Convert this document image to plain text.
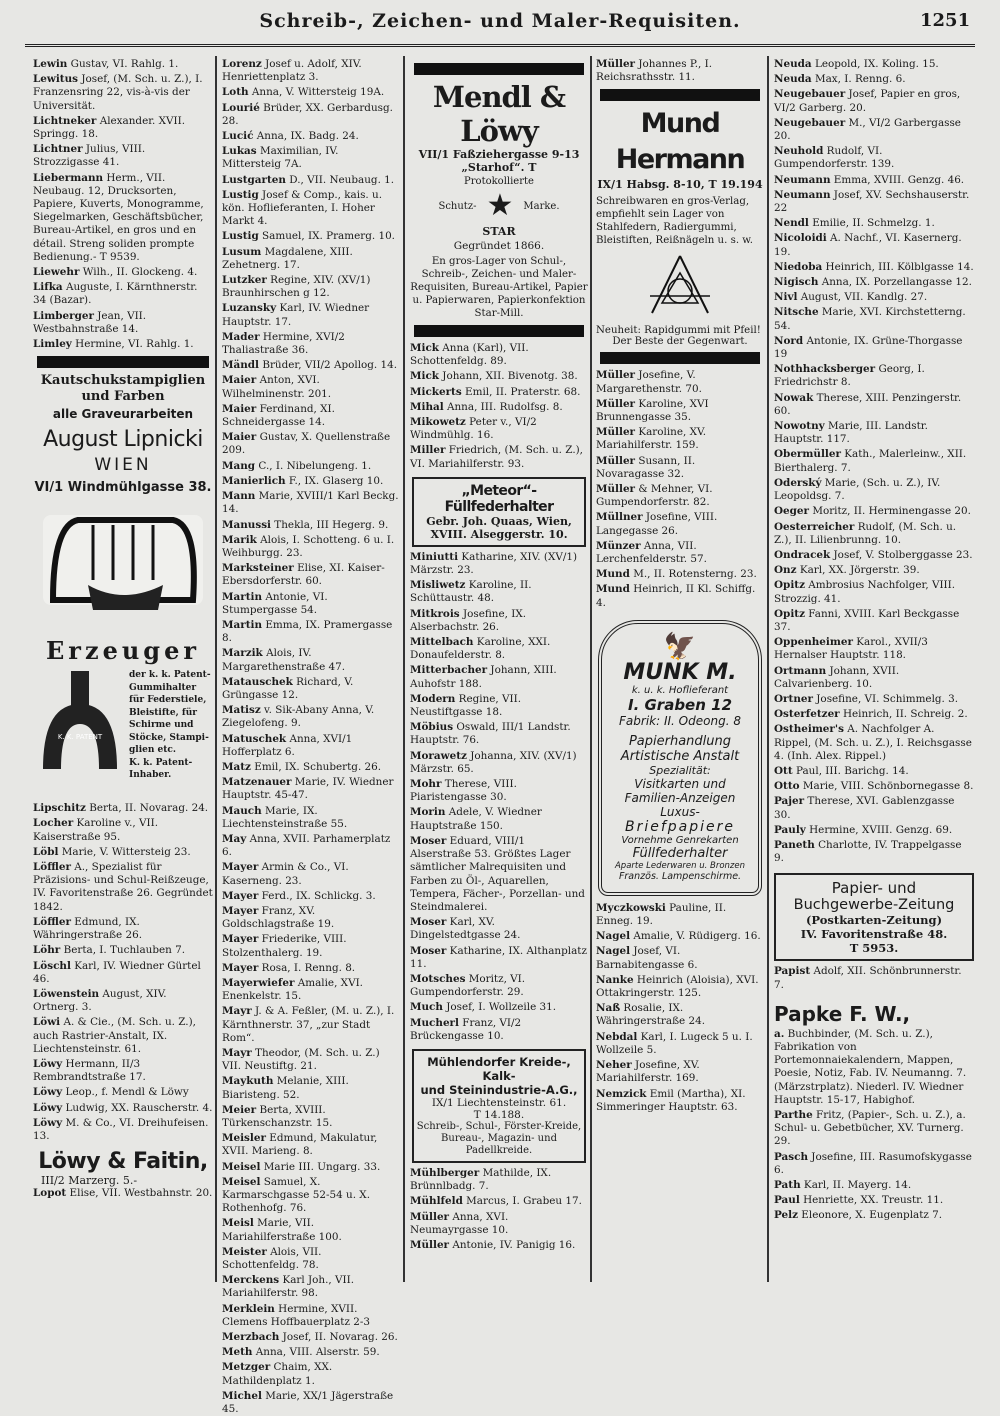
Schreib-, Zeichen- und Maler-Requisiten.	1251
Lewin Gustav, VI. Rahlg. 1.
Lewitus Josef, (M. Sch. u. Z.), I. Franzensring 22, vis-à-vis der Universität.
Lichtneker Alexander. XVII. Springg. 18.
Lichtner Julius, VIII. Strozzigasse 41.
Liebermann Herm., VII. Neubaug. 12, Drucksorten, Papiere, Kuverts, Monogramme, Siegelmarken, Geschäftsbücher, Bureau-Artikel, en gros und en détail. Streng soliden prompte Bedienung.- T 9539.
Liewehr Wilh., II. Glockeng. 4.
Lifka Auguste, I. Kärnthnerstr. 34 (Bazar).
Limberger Jean, VII. Westbahnstraße 14.
Limley Hermine, VI. Rahlg. 1.
Kautschukstampiglien und Farben
alle Graveurarbeiten
August Lipnicki
WIEN
VI/1 Windmühlgasse 38.
Erzeuger
K. K. PATENT
der k. k. Patent-
Gummihalter
für Federstiele,
Bleistifte, für
Schirme und
Stöcke, Stampi-
glien etc.
K. k. Patent-
Inhaber.
Lipschitz Berta, II. Novarag. 24.
Locher Karoline v., VII. Kaiserstraße 95.
Löbl Marie, V. Wittersteig 23.
Löffler A., Spezialist für Präzisions- und Schul-Reißzeuge, IV. Favoritenstraße 26. Gegründet 1842.
Löffler Edmund, IX. Währingerstraße 26.
Löhr Berta, I. Tuchlauben 7.
Löschl Karl, IV. Wiedner Gürtel 46.
Löwenstein August, XIV. Ortnerg. 3.
Löwi A. & Cie., (M. Sch. u. Z.), auch Rastrier-Anstalt, IX. Liechtensteinstr. 61.
Löwy Hermann, II/3 Rembrandtstraße 17.
Löwy Leop., f. Mendl & Löwy
Löwy Ludwig, XX. Rauscherstr. 4.
Löwy M. & Co., VI. Dreihufeisen. 13.
Löwy & Faitin,
III/2 Marzerg. 5.-
Lopot Elise, VII. Westbahnstr. 20.
Lorenz Josef u. Adolf, XIV. Henriettenplatz 3.
Loth Anna, V. Wittersteig 19A.
Lourié Brüder, XX. Gerbardusg. 28.
Lucić Anna, IX. Badg. 24.
Lukas Maximilian, IV. Mittersteig 7A.
Lustgarten D., VII. Neubaug. 1.
Lustig Josef & Comp., kais. u. kön. Hoflieferanten, I. Hoher Markt 4.
Lustig Samuel, IX. Pramerg. 10.
Lusum Magdalene, XIII. Zehetnerg. 17.
Lutzker Regine, XIV. (XV/1) Braunhirschen g 12.
Luzansky Karl, IV. Wiedner Hauptstr. 17.
Mader Hermine, XVI/2 Thaliastraße 36.
Mändl Brüder, VII/2 Apollog. 14.
Maier Anton, XVI. Wilhelminenstr. 201.
Maier Ferdinand, XI. Schneidergasse 14.
Maier Gustav, X. Quellenstraße 209.
Mang C., I. Nibelungeng. 1.
Manierlich F., IX. Glaserg 10.
Mann Marie, XVIII/1 Karl Beckg. 14.
Manussi Thekla, III Hegerg. 9.
Marik Alois, I. Schotteng. 6 u. I. Weihburgg. 23.
Marksteiner Elise, XI. Kaiser-Ebersdorferstr. 60.
Martin Antonie, VI. Stumpergasse 54.
Martin Emma, IX. Pramergasse 8.
Marzik Alois, IV. Margarethenstraße 47.
Matauschek Richard, V. Grüngasse 12.
Matisz v. Sik-Abany Anna, V. Ziegelofeng. 9.
Matuschek Anna, XVI/1 Hofferplatz 6.
Matz Emil, IX. Schubertg. 26.
Matzenauer Marie, IV. Wiedner Hauptstr. 45-47.
Mauch Marie, IX. Liechtensteinstraße 55.
May Anna, XVII. Parhamerplatz 6.
Mayer Armin & Co., VI. Kaserneng. 23.
Mayer Ferd., IX. Schlickg. 3.
Mayer Franz, XV. Goldschlagstraße 19.
Mayer Friederike, VIII. Stolzenthalerg. 19.
Mayer Rosa, I. Renng. 8.
Mayerwiefer Amalie, XVI. Enenkelstr. 15.
Mayr J. & A. Feßler, (M. u. Z.), I. Kärnthnerstr. 37, „zur Stadt Rom“.
Mayr Theodor, (M. Sch. u. Z.) VII. Neustiftg. 21.
Maykuth Melanie, XIII. Biaristeng. 52.
Meier Berta, XVIII. Türkenschanzstr. 15.
Meisler Edmund, Makulatur, XVII. Marieng. 8.
Meisel Marie III. Ungarg. 33.
Meisel Samuel, X. Karmarschgasse 52-54 u. X. Rothenhofg. 76.
Meisl Marie, VII. Mariahilferstraße 100.
Meister Alois, VII. Schottenfeldg. 78.
Merckens Karl Joh., VII. Mariahilferstr. 98.
Merklein Hermine, XVII. Clemens Hoffbauerplatz 2-3
Merzbach Josef, II. Novarag. 26.
Meth Anna, VIII. Alserstr. 59.
Metzger Chaim, XX. Mathildenplatz 1.
Michel Marie, XX/1 Jägerstraße 45.
Mendl & Löwy
VII/1 Faßziehergasse 9-13
„Starhof“. T
Protokollierte
Schutz- ★ Marke.
STAR
Gegründet 1866.
En gros-Lager von Schul-, Schreib-, Zeichen- und Maler-Requisiten, Bureau-Artikel, Papier u. Papierwaren, Papierkonfektion Star-Mill.
Mick Anna (Karl), VII. Schottenfeldg. 89.
Mick Johann, XII. Bivenotg. 38.
Mickerts Emil, II. Praterstr. 68.
Mihal Anna, III. Rudolfsg. 8.
Mikowetz Peter v., VI/2 Windmühlg. 16.
Miller Friedrich, (M. Sch. u. Z.), VI. Mariahilferstr. 93.
„Meteor“-Füllfederhalter
Gebr. Joh. Quaas, Wien,
XVIII. Alseggerstr. 10.
Miniutti Katharine, XIV. (XV/1) Märzstr. 23.
Misliwetz Karoline, II. Schüttaustr. 48.
Mitkrois Josefine, IX. Alserbachstr. 26.
Mittelbach Karoline, XXI. Donaufelderstr. 8.
Mitterbacher Johann, XIII. Auhofstr 188.
Modern Regine, VII. Neustiftgasse 18.
Möbius Oswald, III/1 Landstr. Hauptstr. 76.
Morawetz Johanna, XIV. (XV/1) Märzstr. 65.
Mohr Therese, VIII. Piaristengasse 30.
Morin Adele, V. Wiedner Hauptstraße 150.
Moser Eduard, VIII/1 Alserstraße 53. Größtes Lager sämtlicher Malrequisiten und Farben zu Öl-, Aquarellen, Tempera, Fächer-, Porzellan- und Steindmalerei.
Moser Karl, XV. Dingelstedtgasse 24.
Moser Katharine, IX. Althanplatz 11.
Motsches Moritz, VI. Gumpendorferstr. 29.
Much Josef, I. Wollzeile 31.
Mucherl Franz, VI/2 Brückengasse 10.
Mühlendorfer Kreide-, Kalk-
und Steinindustrie-A.G.,
IX/1 Liechtensteinstr. 61.
T 14.188.
Schreib-, Schul-, Förster-Kreide, Bureau-, Magazin- und Padellkreide.
Mühlberger Mathilde, IX. Brünnlbadg. 7.
Mühlfeld Marcus, I. Grabeu 17.
Müller Anna, XVI. Neumayrgasse 10.
Müller Antonie, IV. Panigig 16.
Müller Johannes P., I. Reichsrathsstr. 11.
Mund Hermann
IX/1 Habsg. 8-10, T 19.194
Schreibwaren en gros-Verlag, empfiehlt sein Lager von Stahlfedern, Radiergummi, Bleistiften, Reißnägeln u. s. w.
Neuheit: Rapidgummi mit Pfeil!
Der Beste der Gegenwart.
Müller Josefine, V. Margarethenstr. 70.
Müller Karoline, XVI Brunnengasse 35.
Müller Karoline, XV. Mariahilferstr. 159.
Müller Susann, II. Novaragasse 32.
Müller & Mehner, VI. Gumpendorferstr. 82.
Müllner Josefine, VIII. Langegasse 26.
Münzer Anna, VII. Lerchenfelderstr. 57.
Mund M., II. Rotensterng. 23.
Mund Heinrich, II Kl. Schiffg. 4.
🦅
MUNK M.
k. u. k. Hoflieferant
I. Graben 12
Fabrik: II. Odeong. 8
Papierhandlung
Artistische Anstalt
Spezialität:
Visitkarten und
Familien-Anzeigen
Luxus-
Briefpapiere
Vornehme Genrekarten
Füllfederhalter
Aparte Lederwaren u. Bronzen
Französ. Lampenschirme.
Myczkowski Pauline, II. Enneg. 19.
Nagel Amalie, V. Rüdigerg. 16.
Nagel Josef, VI. Barnabitengasse 6.
Nanke Heinrich (Aloisia), XVI. Ottakringerstr. 125.
Naß Rosalie, IX. Währingerstraße 24.
Nebdal Karl, I. Lugeck 5 u. I. Wollzeile 5.
Neher Josefine, XV. Mariahilferstr. 169.
Nemzick Emil (Martha), XI. Simmeringer Hauptstr. 63.
Neuda Leopold, IX. Koling. 15.
Neuda Max, I. Renng. 6.
Neugebauer Josef, Papier en gros, VI/2 Garberg. 20.
Neugebauer M., VI/2 Garbergasse 20.
Neuhold Rudolf, VI. Gumpendorferstr. 139.
Neumann Emma, XVIII. Genzg. 46.
Neumann Josef, XV. Sechshauserstr. 22
Nendl Emilie, II. Schmelzg. 1.
Nicoloidi A. Nachf., VI. Kasernerg. 19.
Niedoba Heinrich, III. Kölblgasse 14.
Nigisch Anna, IX. Porzellangasse 12.
Nivl August, VII. Kandlg. 27.
Nitsche Marie, XVI. Kirchstetterng. 54.
Nord Antonie, IX. Grüne-Thorgasse 19
Nothhacksberger Georg, I. Friedrichstr 8.
Nowak Therese, XIII. Penzingerstr. 60.
Nowotny Marie, III. Landstr. Hauptstr. 117.
Obermüller Kath., Malerleinw., XII. Bierthalerg. 7.
Oderský Marie, (Sch. u. Z.), IV. Leopoldsg. 7.
Oeger Moritz, II. Herminengasse 20.
Oesterreicher Rudolf, (M. Sch. u. Z.), II. Lilienbrunng. 10.
Ondracek Josef, V. Stolberggasse 23.
Onz Karl, XX. Jörgerstr. 39.
Opitz Ambrosius Nachfolger, VIII. Strozzig. 41.
Opitz Fanni, XVIII. Karl Beckgasse 37.
Oppenheimer Karol., XVII/3 Hernalser Hauptstr. 118.
Ortmann Johann, XVII. Calvarienberg. 10.
Ortner Josefine, VI. Schimmelg. 3.
Osterfetzer Heinrich, II. Schreig. 2.
Ostheimer's A. Nachfolger A. Rippel, (M. Sch. u. Z.), I. Reichsgasse 4. (Inh. Alex. Rippel.)
Ott Paul, III. Barichg. 14.
Otto Marie, VIII. Schönbornegasse 8.
Pajer Therese, XVI. Gablenzgasse 30.
Pauly Hermine, XVIII. Genzg. 69.
Paneth Charlotte, IV. Trappelgasse 9.
Papier- und
Buchgewerbe-Zeitung
(Postkarten-Zeitung)
IV. Favoritenstraße 48.
T 5953.
Papist Adolf, XII. Schönbrunnerstr. 7.
Papke F. W.,
a. Buchbinder, (M. Sch. u. Z.), Fabrikation von Portemonnaiekalendern, Mappen, Poesie, Notiz, Fab. IV. Neumanng. 7. (Märzstrplatz). Niederl. IV. Wiedner Hauptstr. 15-17, Habighof.
Parthe Fritz, (Papier-, Sch. u. Z.), a. Schul- u. Gebetbücher, XV. Turnerg. 29.
Pasch Josefine, III. Rasumofskygasse 6.
Path Karl, II. Mayerg. 14.
Paul Henriette, XX. Treustr. 11.
Pelz Eleonore, X. Eugenplatz 7.
